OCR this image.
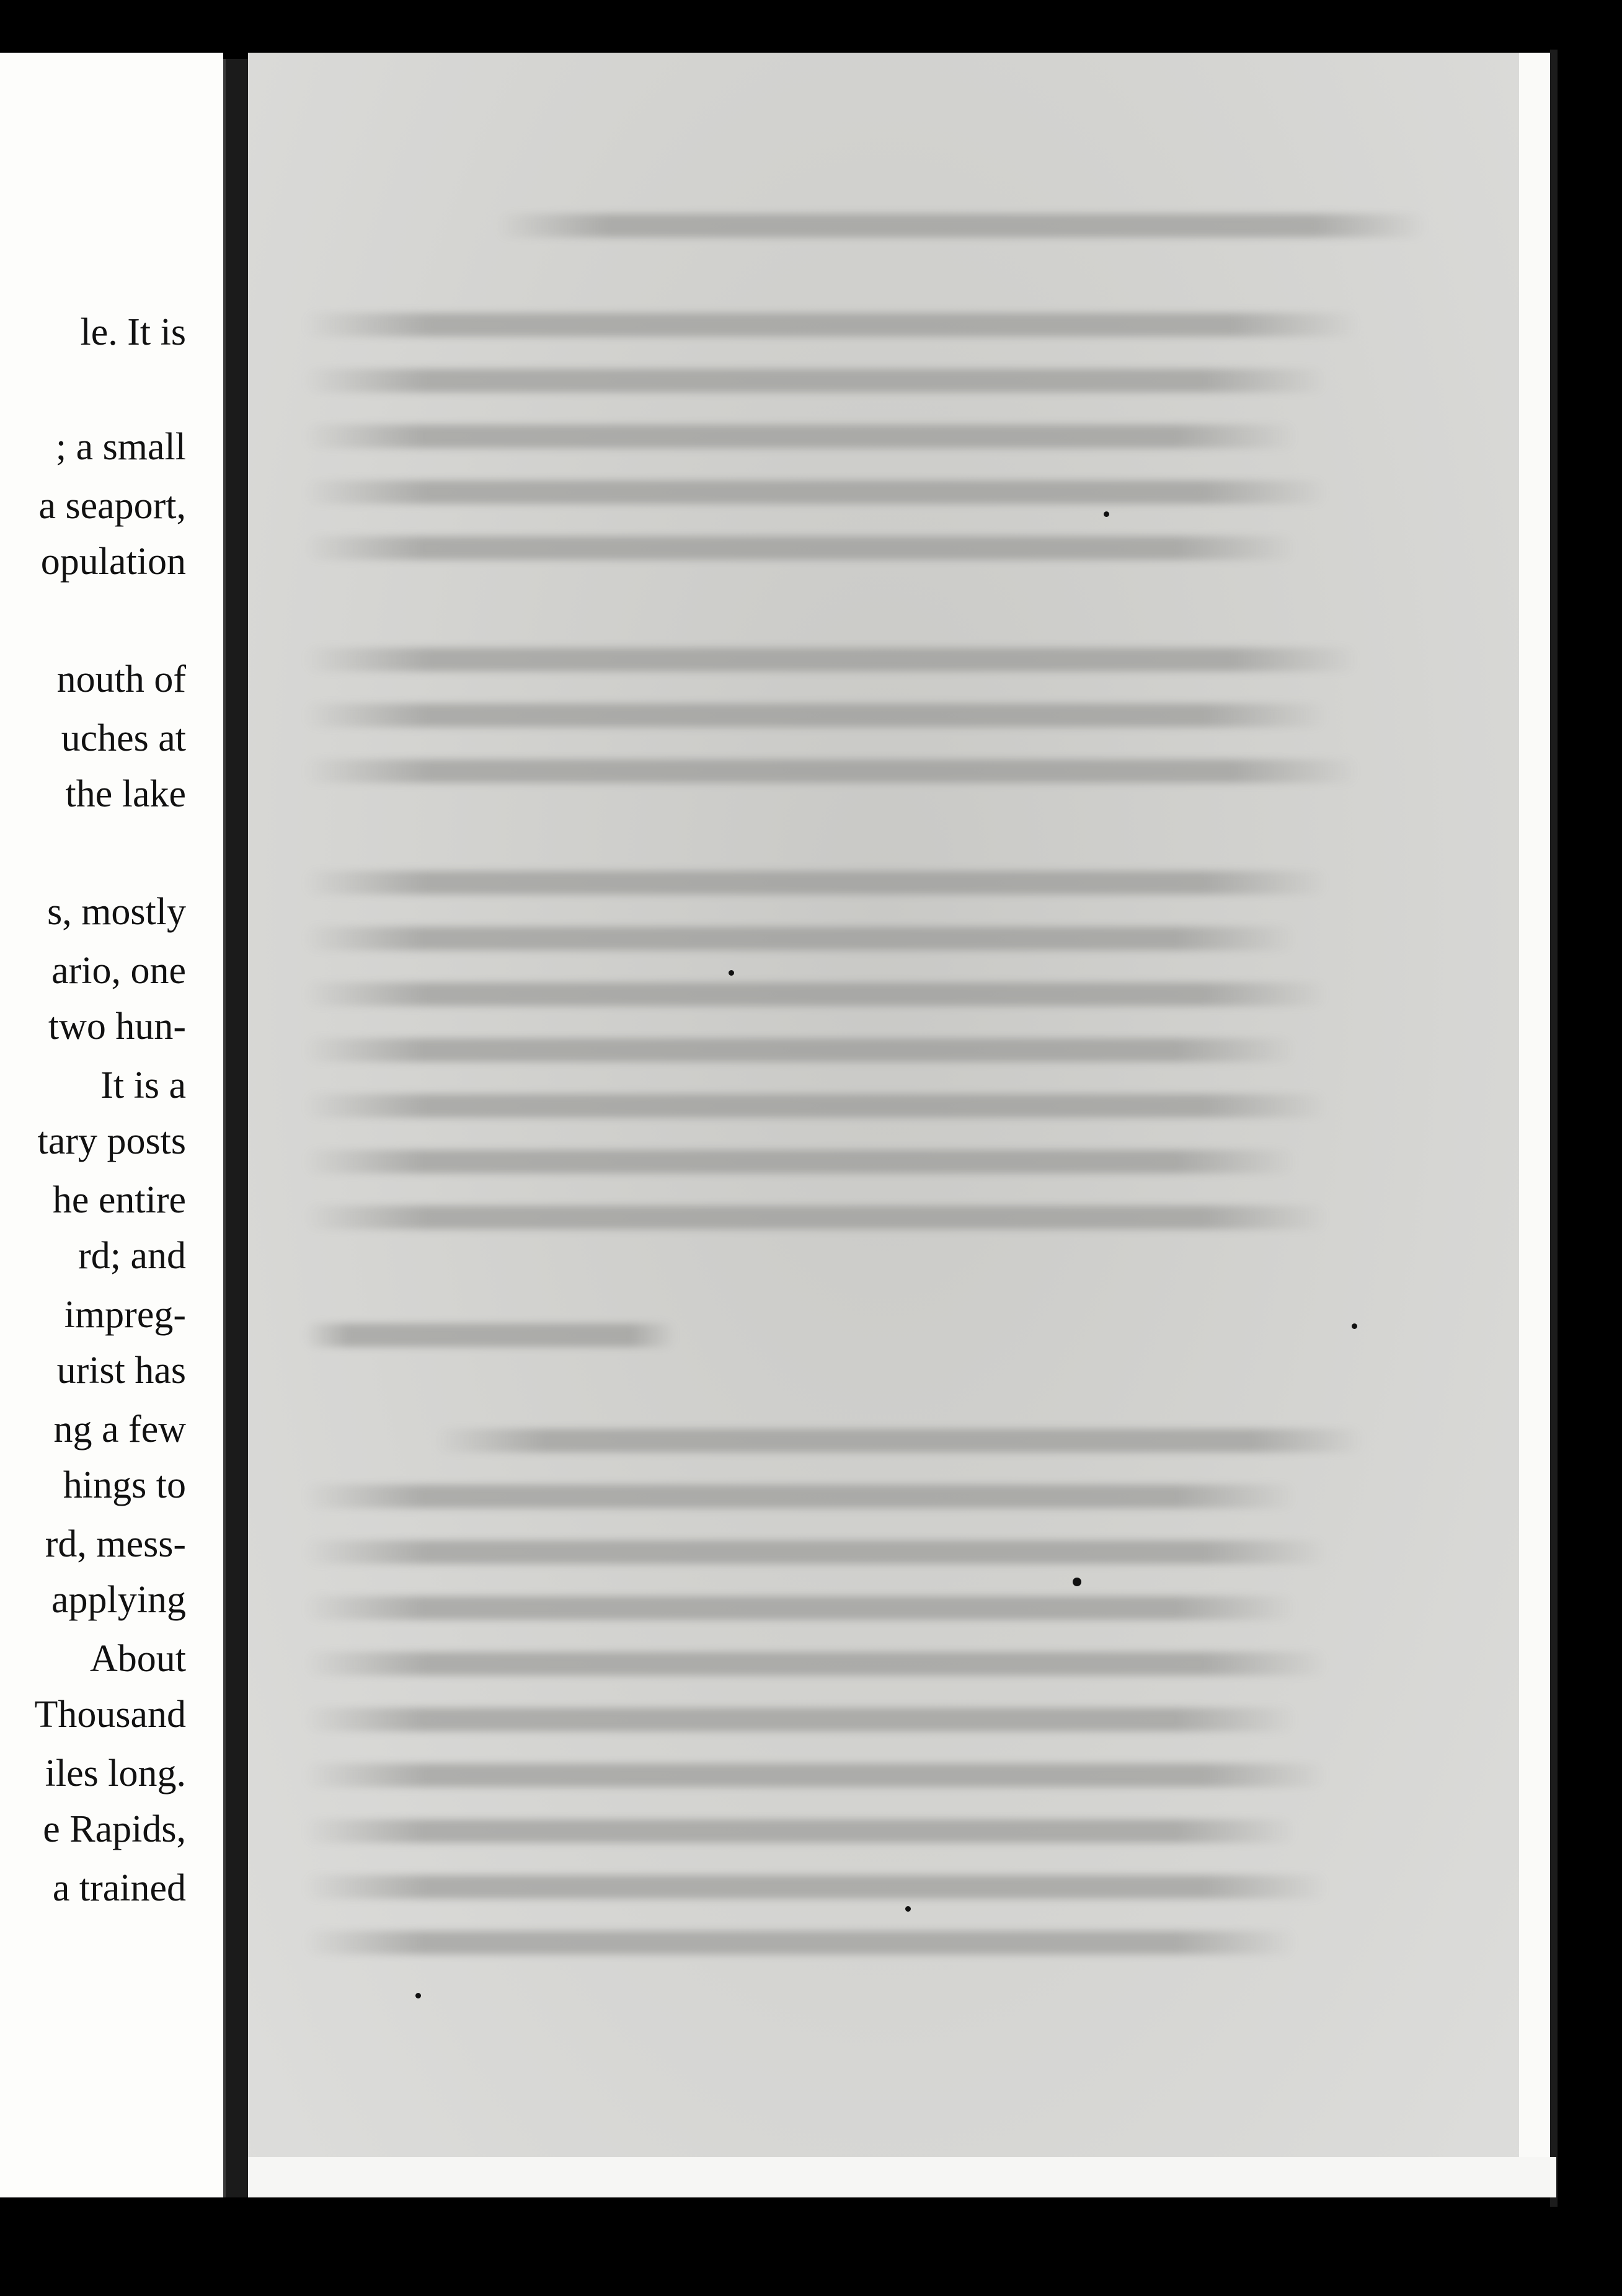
le. It is
; a small
a seaport,
opulation
nouth of
uches at
the lake
s, mostly
ario, one
two hun-
It is a
tary posts
he entire
rd; and
impreg-
urist has
ng a few
hings to
rd, mess-
applying
About
Thousand
iles long.
e Rapids,
a trained
